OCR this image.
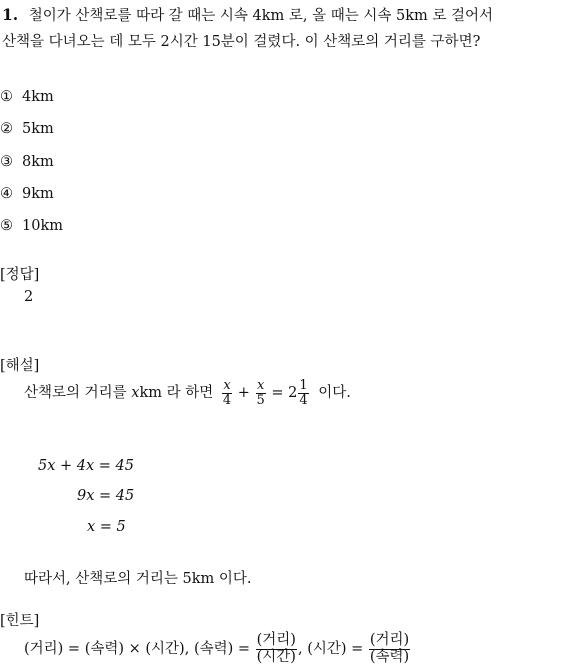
1. 철이가 산책로를 따라 갈 때는 시속 4km 로, 올 때는 시속 5km 로 걸어서
산책을 다녀오는 데 모두 2시간 15분이 걸렸다. 이 산책로의 거리를 구하면?
① 4km
② 5km
③ 8km
④ 9km
⑤ 10km
[정답]
2
[해설]
산책로의 거리를 xkm 라 하면 $\frac{x}{4} + \frac{x}{5} = 2 \frac{1}{4}$ 이다.
5x + 4x = 45
9x = 45
x = 5
따라서, 산책로의 거리는 5km 이다.
[힌트]
(거리) = (속력) × (시간), (속력) = $\frac{\text{(거리)}}{\text{(시간)}}$ , (시간) = $\frac{\text{(거리)}}{\text{(속력)}}$
